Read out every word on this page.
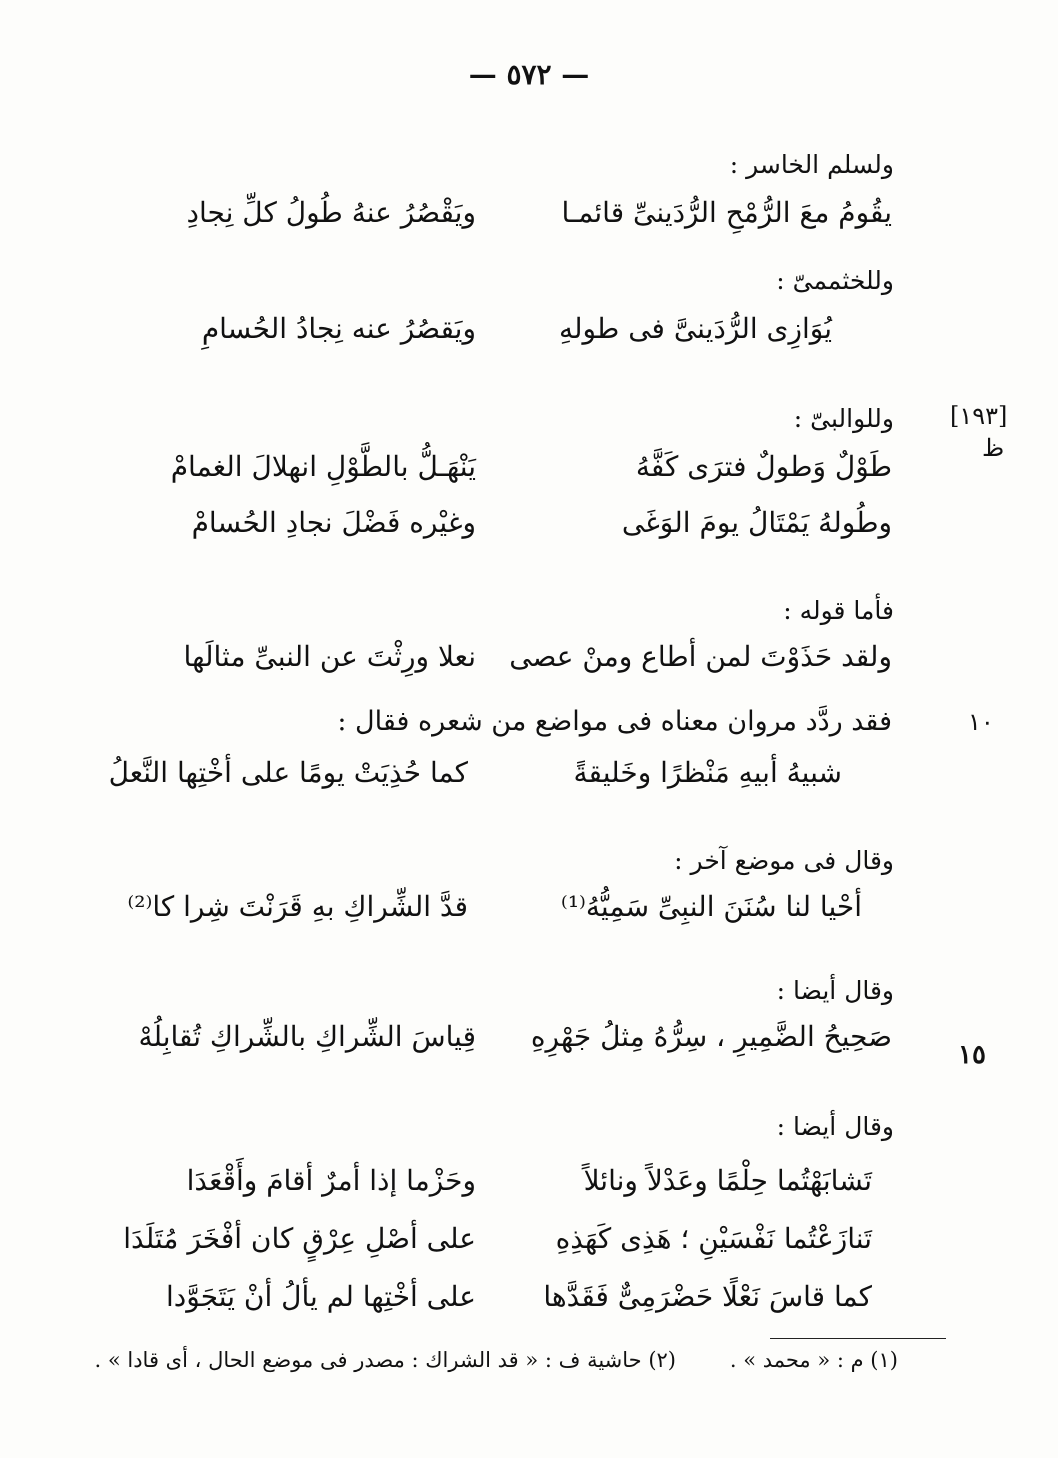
— ٥٧٢ —
ولسلم الخاسر :
يقُومُ معَ الرُّمْحِ الرُّدَينىِّ قائمـا
ويَقْصُرُ عنهُ طُولُ كلِّ نِجادِ
وللخثممىّ :
يُوَازِى الرُّدَينىَّ فى طولهِ
ويَقصُرُ عنه نِجادُ الحُسامِ
[١٩٣]
ظ
وللوالبىّ :
طَوْلٌ وَطولٌ فترَى كَفَّهُ
يَنْهَـلُّ بالطَّوْلِ انهلالَ الغمامْ
وطُولهُ يَمْتَالُ يومَ الوَغَى
وغيْره فَضْلَ نجادِ الحُسامْ
فأما قوله :
ولقد حَذَوْتَ لمن أطاع ومنْ عصى
نعلا ورِثْتَ عن النبىِّ مثالَها
١٠
فقد ردَّد مروان معناه فى مواضع من شعره فقال :
شبيهُ أبيهِ مَنْظرًا وخَليقةً
كما حُذِيَتْ يومًا على أخْتِها النَّعلُ
وقال فى موضع آخر :
أحْيا لنا سُنَنَ النبِىِّ سَمِيُّهُ⁽¹⁾
قدَّ الشِّراكِ بهِ قَرَنْتَ شِرا كا⁽²⁾
وقال أيضا :
صَحِيحُ الضَّمِيرِ ، سِرُّهُ مِثلُ جَهْرِهِ
قِياسَ الشِّراكِ بالشِّراكِ تُقابِلُهْ
١٥
وقال أيضا :
تَشابَهْتُما حِلْمًا وعَدْلاً ونائلاً
وحَزْما إذا أمرٌ أقامَ وأَقْعَدَا
تَنازَعْتُما نَفْسَيْنِ ؛ هَذِى كَهَذِهِ
على أصْلِ عِرْقٍ كان أفْخَرَ مُتَلَدَا
كما قاسَ نَعْلًا حَضْرَمِىٌّ فَقَدَّها
على أخْتِها لم يألُ أنْ يَتَجَوَّدا
(١) م : « محمد » .
(٢) حاشية ف : « قد الشراك : مصدر فى موضع الحال ، أى قادا » .
